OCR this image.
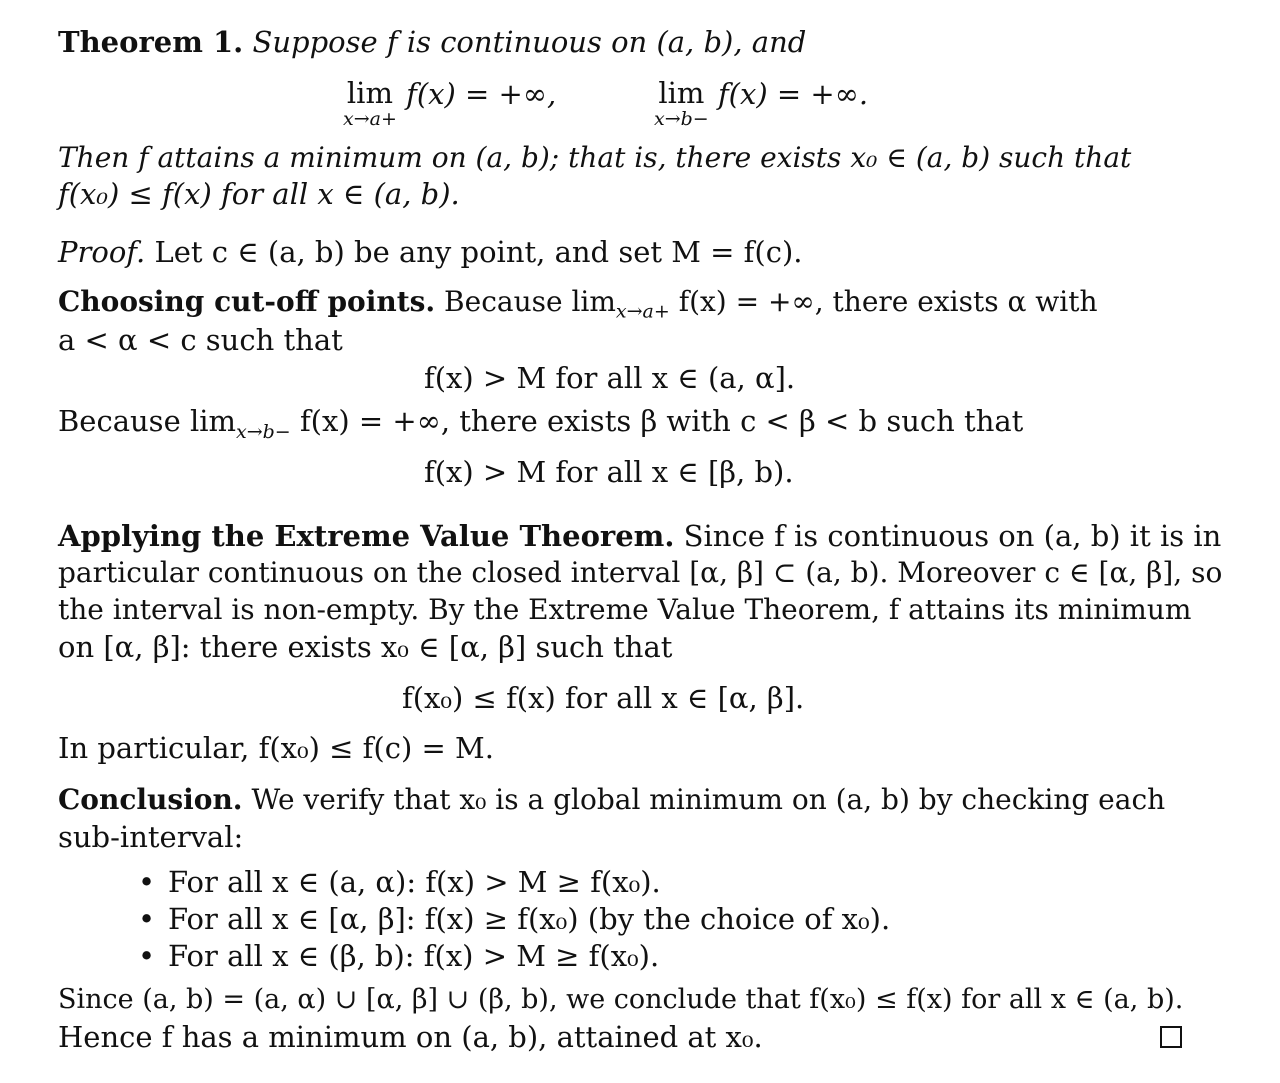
Theorem 1. Suppose f is continuous on (a, b), and
lim
x→a+
f(x) = +∞,	lim
x→b−
f(x) = +∞.
Then f attains a minimum on (a, b); that is, there exists x₀ ∈ (a, b) such that
f(x₀) ≤ f(x) for all x ∈ (a, b).
Proof. Let c ∈ (a, b) be any point, and set M = f(c).
Choosing cut-off points. Because $\lim_{x\to a+} f(x)$ = +∞, there exists α with
a < α < c such that
f(x) > M for all x ∈ (a, α].
Because $\lim_{x\to b-} f(x)$ = +∞, there exists β with c < β < b such that
f(x) > M for all x ∈ [β, b).
Applying the Extreme Value Theorem. Since f is continuous on (a, b) it is in
particular continuous on the closed interval [α, β] ⊂ (a, b). Moreover c ∈ [α, β], so
the interval is non-empty. By the Extreme Value Theorem, f attains its minimum
on [α, β]: there exists x₀ ∈ [α, β] such that
f(x₀) ≤ f(x) for all x ∈ [α, β].
In particular, f(x₀) ≤ f(c) = M.
Conclusion. We verify that x₀ is a global minimum on (a, b) by checking each
sub-interval:
• For all x ∈ (a, α): f(x) > M ≥ f(x₀).
• For all x ∈ [α, β]: f(x) ≥ f(x₀) (by the choice of x₀).
• For all x ∈ (β, b): f(x) > M ≥ f(x₀).
Since (a, b) = (a, α) ∪ [α, β] ∪ (β, b), we conclude that f(x₀) ≤ f(x) for all x ∈ (a, b).
Hence f has a minimum on (a, b), attained at x₀.
